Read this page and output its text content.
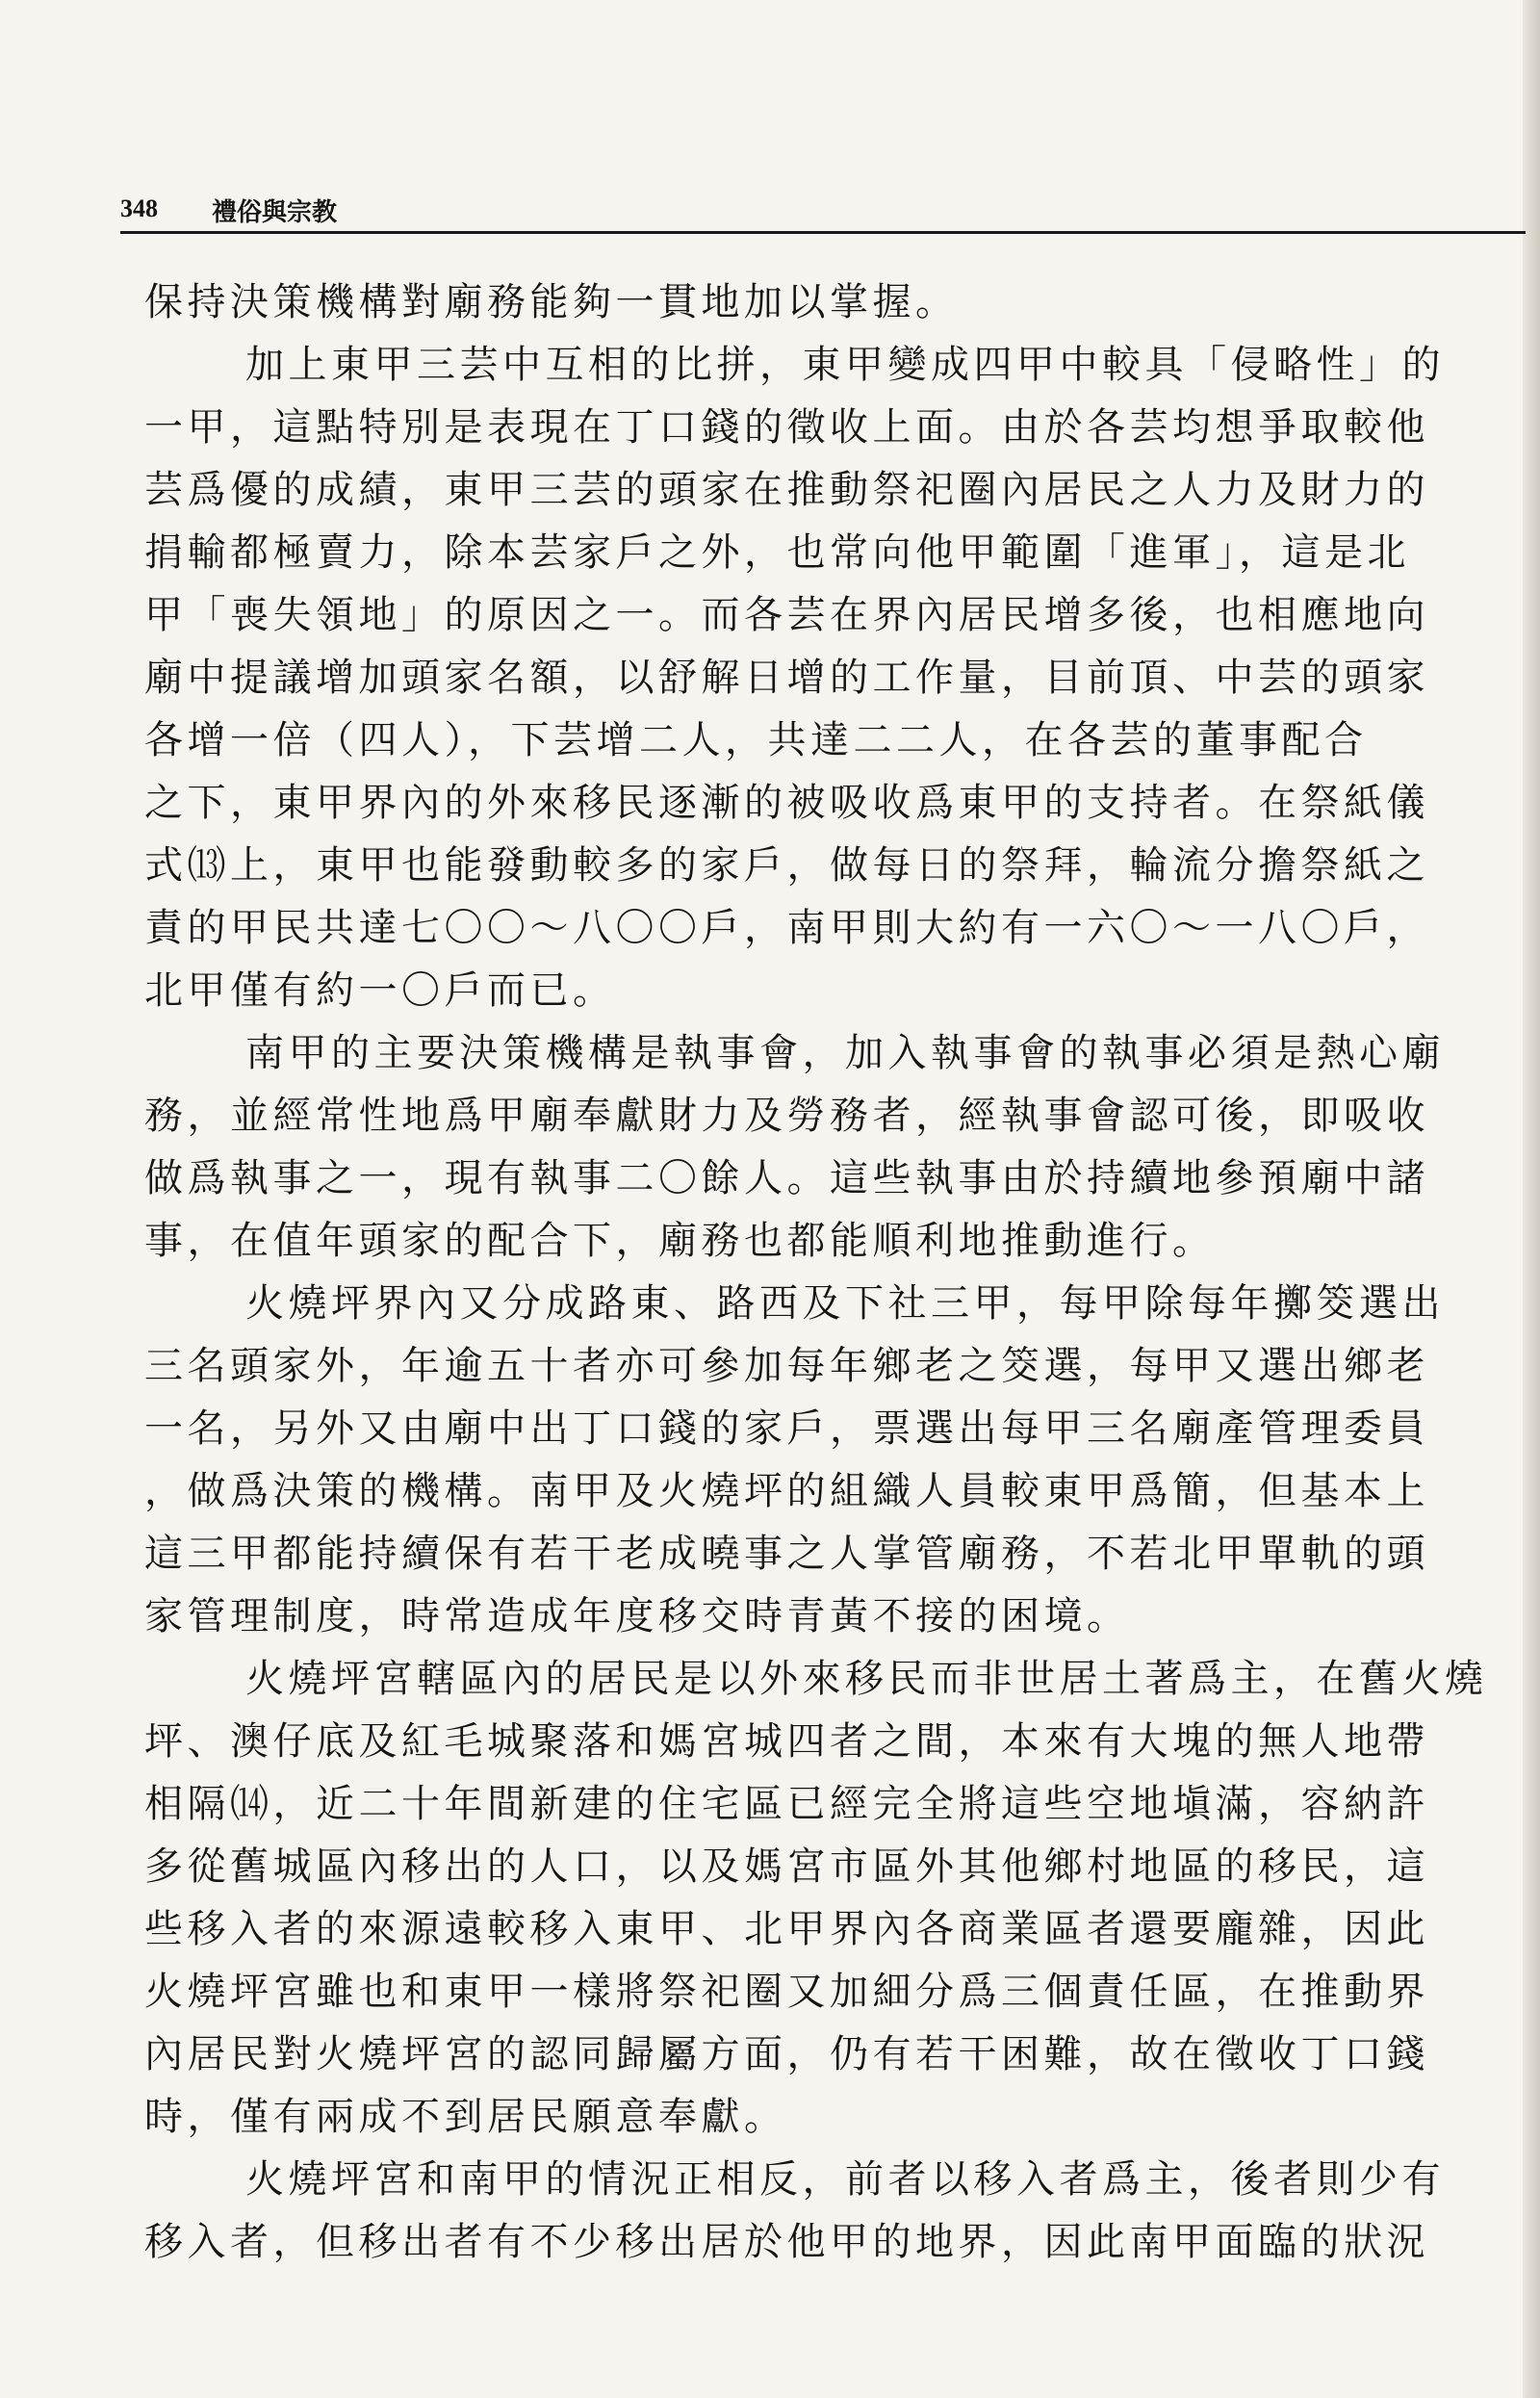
348 禮俗與宗教
保持決策機構對廟務能夠一貫地加以掌握。
加上東甲三芸中互相的比拼，東甲變成四甲中較具「侵略性」的
一甲，這點特別是表現在丁口錢的徵收上面。由於各芸均想爭取較他
芸爲優的成績，東甲三芸的頭家在推動祭祀圈內居民之人力及財力的
捐輸都極賣力，除本芸家戶之外，也常向他甲範圍「進軍」，這是北
甲「喪失領地」的原因之一。而各芸在界內居民增多後，也相應地向
廟中提議增加頭家名額，以舒解日增的工作量，目前頂、中芸的頭家
各增一倍（四人），下芸增二人，共達二二人，在各芸的董事配合
之下，東甲界內的外來移民逐漸的被吸收爲東甲的支持者。在祭紙儀
式⒀上，東甲也能發動較多的家戶，做每日的祭拜，輪流分擔祭紙之
責的甲民共達七〇〇～八〇〇戶，南甲則大約有一六〇～一八〇戶，
北甲僅有約一〇戶而已。
南甲的主要決策機構是執事會，加入執事會的執事必須是熱心廟
務，並經常性地爲甲廟奉獻財力及勞務者，經執事會認可後，即吸收
做爲執事之一，現有執事二〇餘人。這些執事由於持續地參預廟中諸
事，在值年頭家的配合下，廟務也都能順利地推動進行。
火燒坪界內又分成路東、路西及下社三甲，每甲除每年擲筊選出
三名頭家外，年逾五十者亦可參加每年鄉老之筊選，每甲又選出鄉老
一名，另外又由廟中出丁口錢的家戶，票選出每甲三名廟產管理委員
，做爲決策的機構。南甲及火燒坪的組織人員較東甲爲簡，但基本上
這三甲都能持續保有若干老成曉事之人掌管廟務，不若北甲單軌的頭
家管理制度，時常造成年度移交時青黃不接的困境。
火燒坪宮轄區內的居民是以外來移民而非世居土著爲主，在舊火燒
坪、澳仔底及紅毛城聚落和媽宮城四者之間，本來有大塊的無人地帶
相隔⒁，近二十年間新建的住宅區已經完全將這些空地塡滿，容納許
多從舊城區內移出的人口，以及媽宮市區外其他鄉村地區的移民，這
些移入者的來源遠較移入東甲、北甲界內各商業區者還要龐雜，因此
火燒坪宮雖也和東甲一樣將祭祀圈又加細分爲三個責任區，在推動界
內居民對火燒坪宮的認同歸屬方面，仍有若干困難，故在徵收丁口錢
時，僅有兩成不到居民願意奉獻。
火燒坪宮和南甲的情況正相反，前者以移入者爲主，後者則少有
移入者，但移出者有不少移出居於他甲的地界，因此南甲面臨的狀況
